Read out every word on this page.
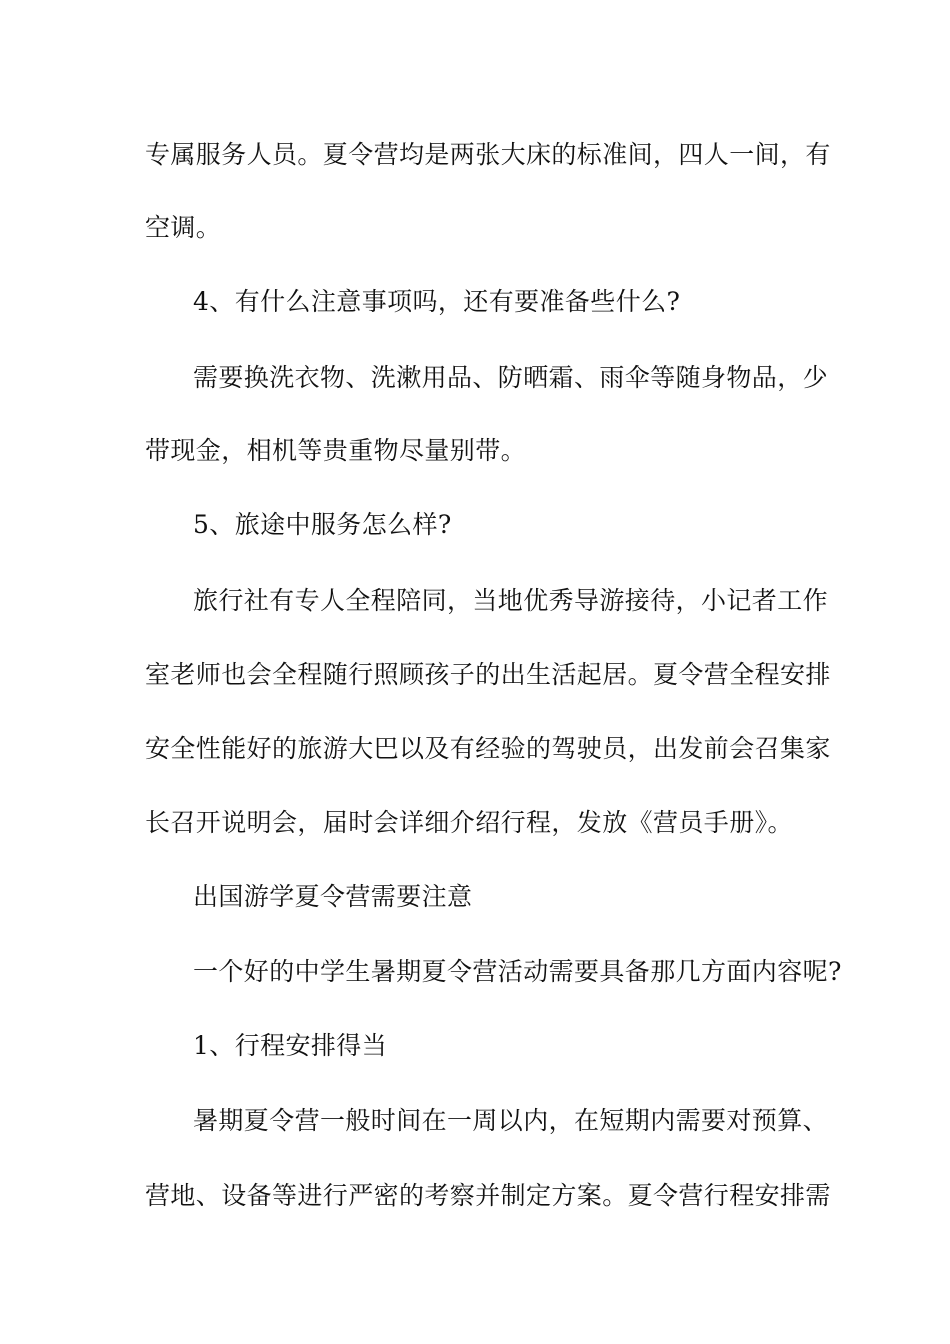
专属服务人员。夏令营均是两张大床的标准间，四人一间，有
空调。
4、有什么注意事项吗，还有要准备些什么?
需要换洗衣物、洗漱用品、防晒霜、雨伞等随身物品，少
带现金，相机等贵重物尽量别带。
5、旅途中服务怎么样?
旅行社有专人全程陪同，当地优秀导游接待，小记者工作
室老师也会全程随行照顾孩子的出生活起居。夏令营全程安排
安全性能好的旅游大巴以及有经验的驾驶员，出发前会召集家
长召开说明会，届时会详细介绍行程，发放《营员手册》。
出国游学夏令营需要注意
一个好的中学生暑期夏令营活动需要具备那几方面内容呢?
1、行程安排得当
暑期夏令营一般时间在一周以内，在短期内需要对预算、
营地、设备等进行严密的考察并制定方案。夏令营行程安排需
